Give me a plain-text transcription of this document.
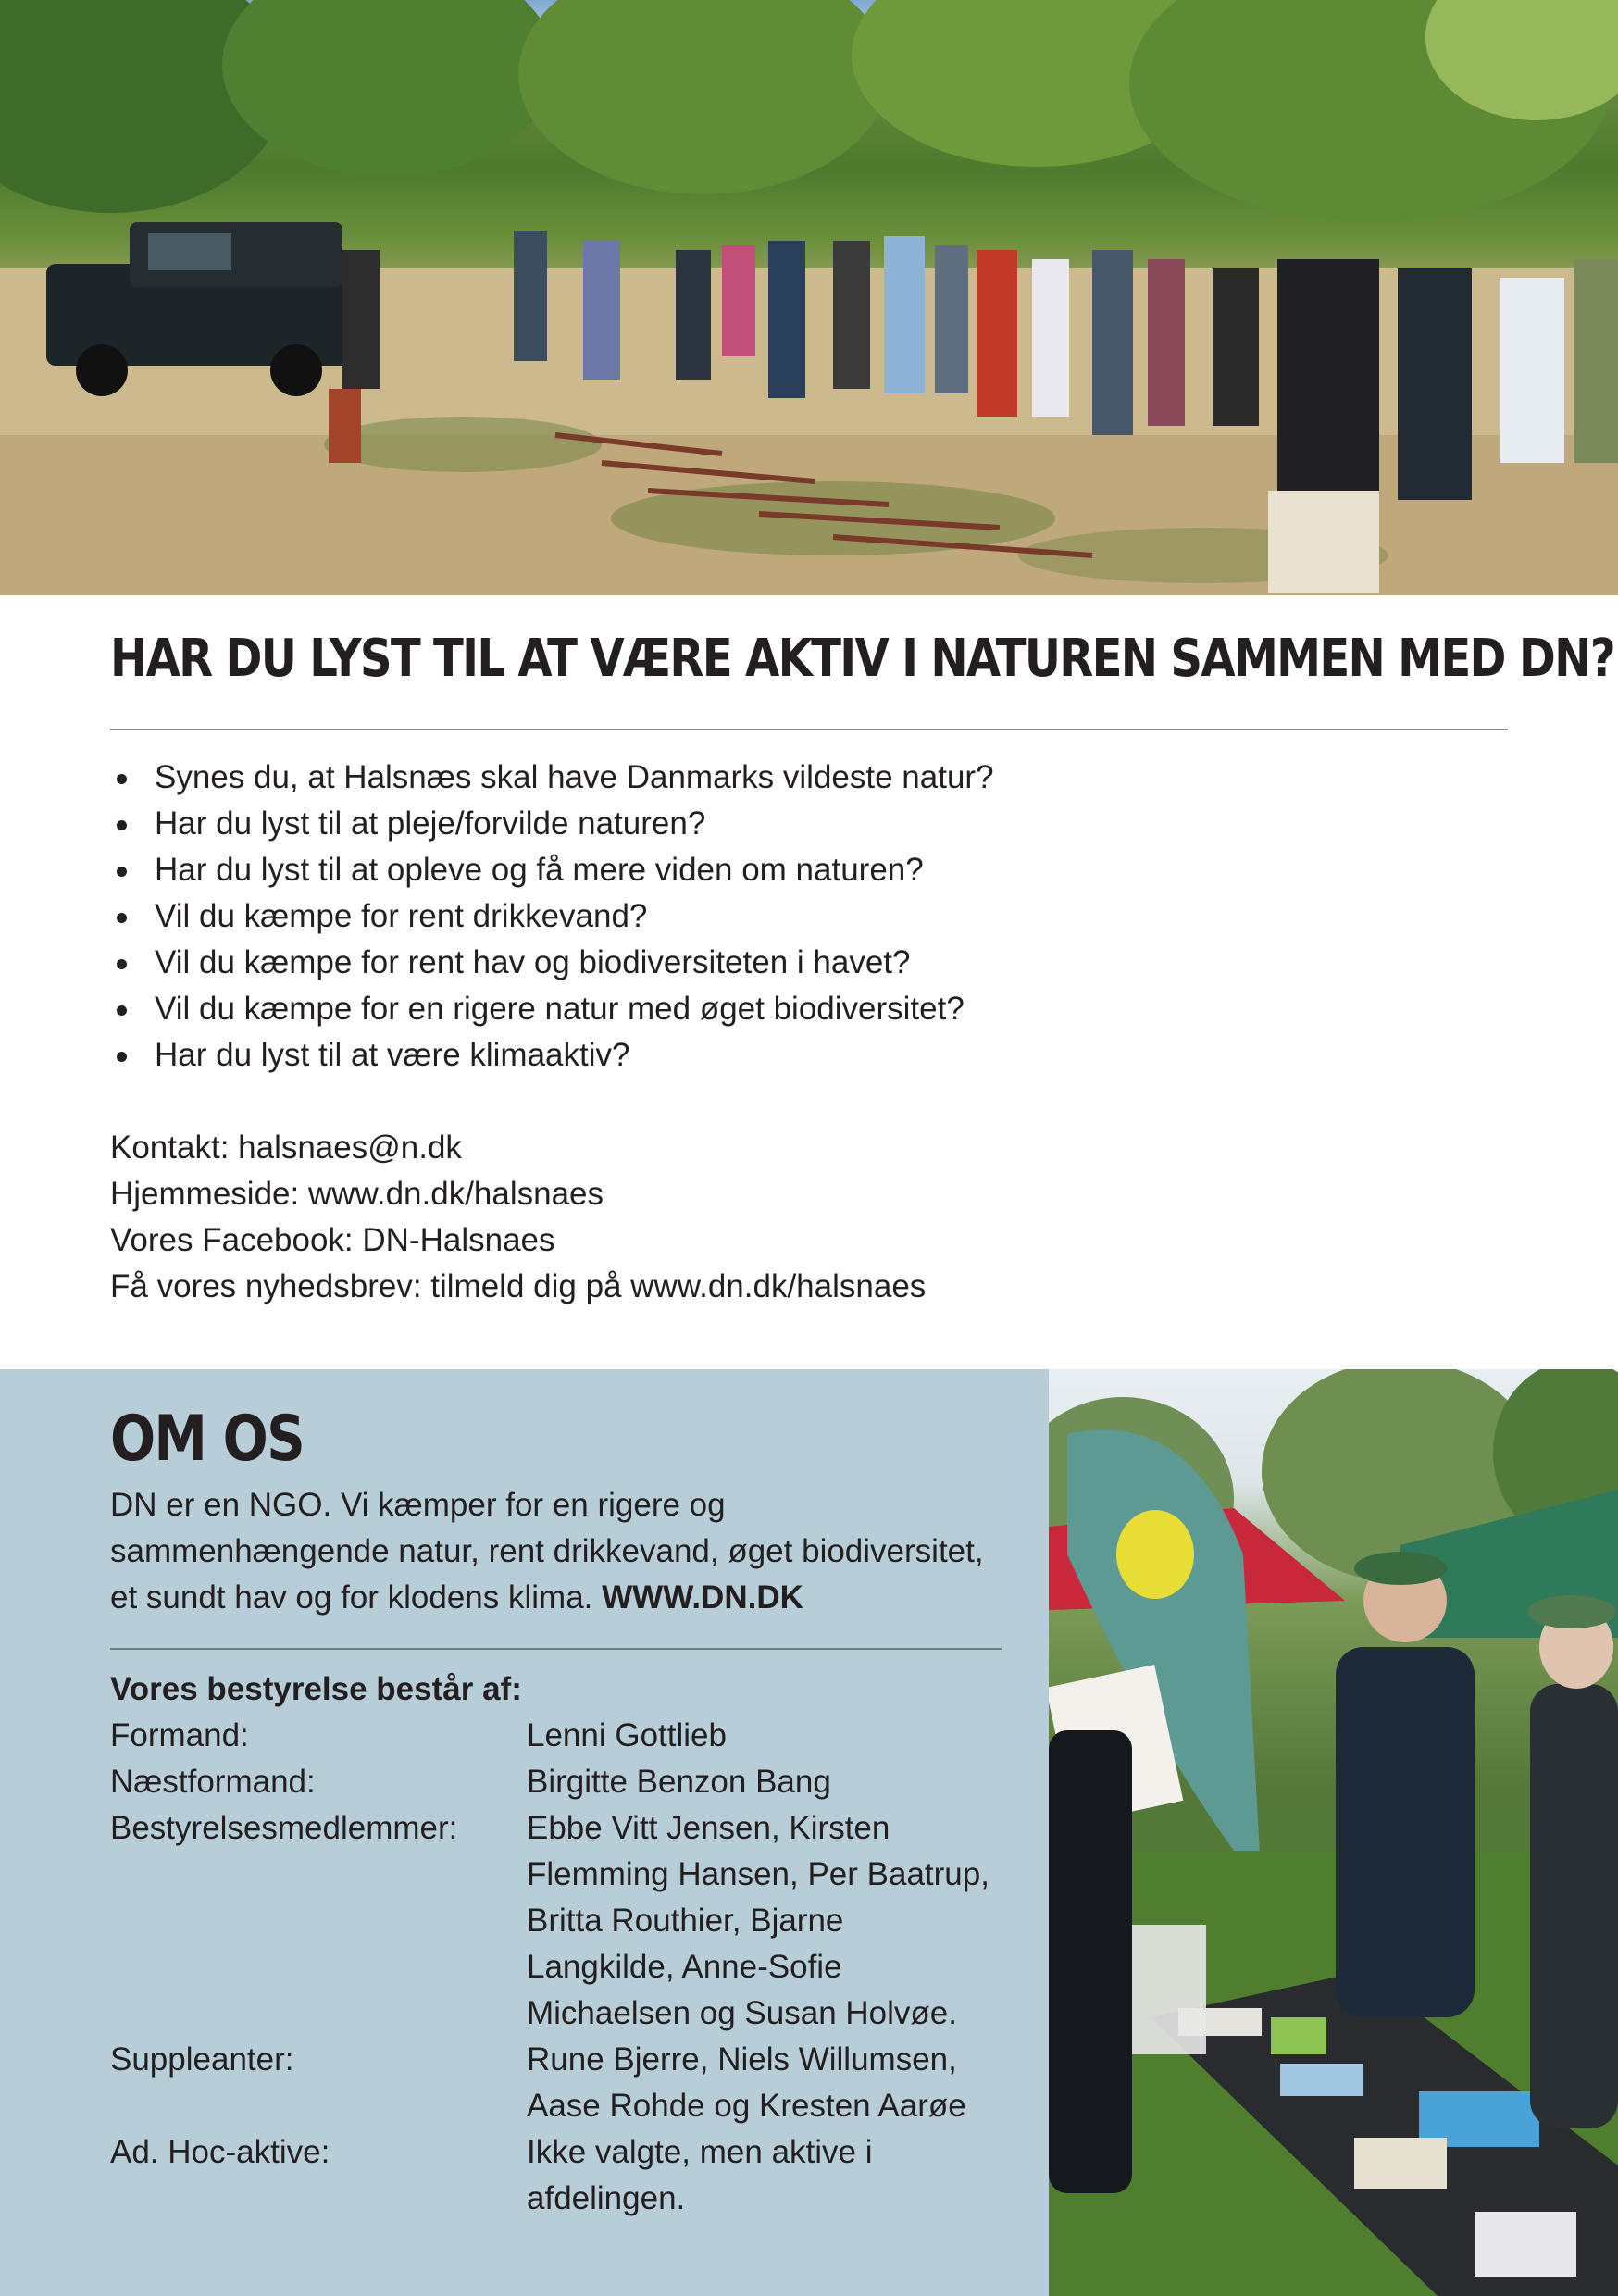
HAR DU LYST TIL AT VÆRE AKTIV I NATUREN SAMMEN MED DN?
Synes du, at Halsnæs skal have Danmarks vildeste natur?
Har du lyst til at pleje/forvilde naturen?
Har du lyst til at opleve og få mere viden om naturen?
Vil du kæmpe for rent drikkevand?
Vil du kæmpe for rent hav og biodiversiteten i havet?
Vil du kæmpe for en rigere natur med øget biodiversitet?
Har du lyst til at være klimaaktiv?
Kontakt: halsnaes@n.dk
Hjemmeside: www.dn.dk/halsnaes
Vores Facebook: DN-Halsnaes
Få vores nyhedsbrev: tilmeld dig på www.dn.dk/halsnaes
OM OS
DN er en NGO. Vi kæmper for en rigere og sammenhængende natur, rent drikkevand, øget biodiversitet, et sundt hav og for klodens klima. WWW.DN.DK
Vores bestyrelse består af:
Formand:	Lenni Gottlieb
Næstformand:	Birgitte Benzon Bang
Bestyrelsesmedlemmer:	Ebbe Vitt Jensen, Kirsten Flemming Hansen, Per Baatrup, Britta Routhier, Bjarne Langkilde, Anne-Sofie Michaelsen og Susan Holvøe.
Suppleanter:	Rune Bjerre, Niels Willumsen, Aase Rohde og Kresten Aarøe
Ad. Hoc-aktive:	Ikke valgte, men aktive i afdelingen.
